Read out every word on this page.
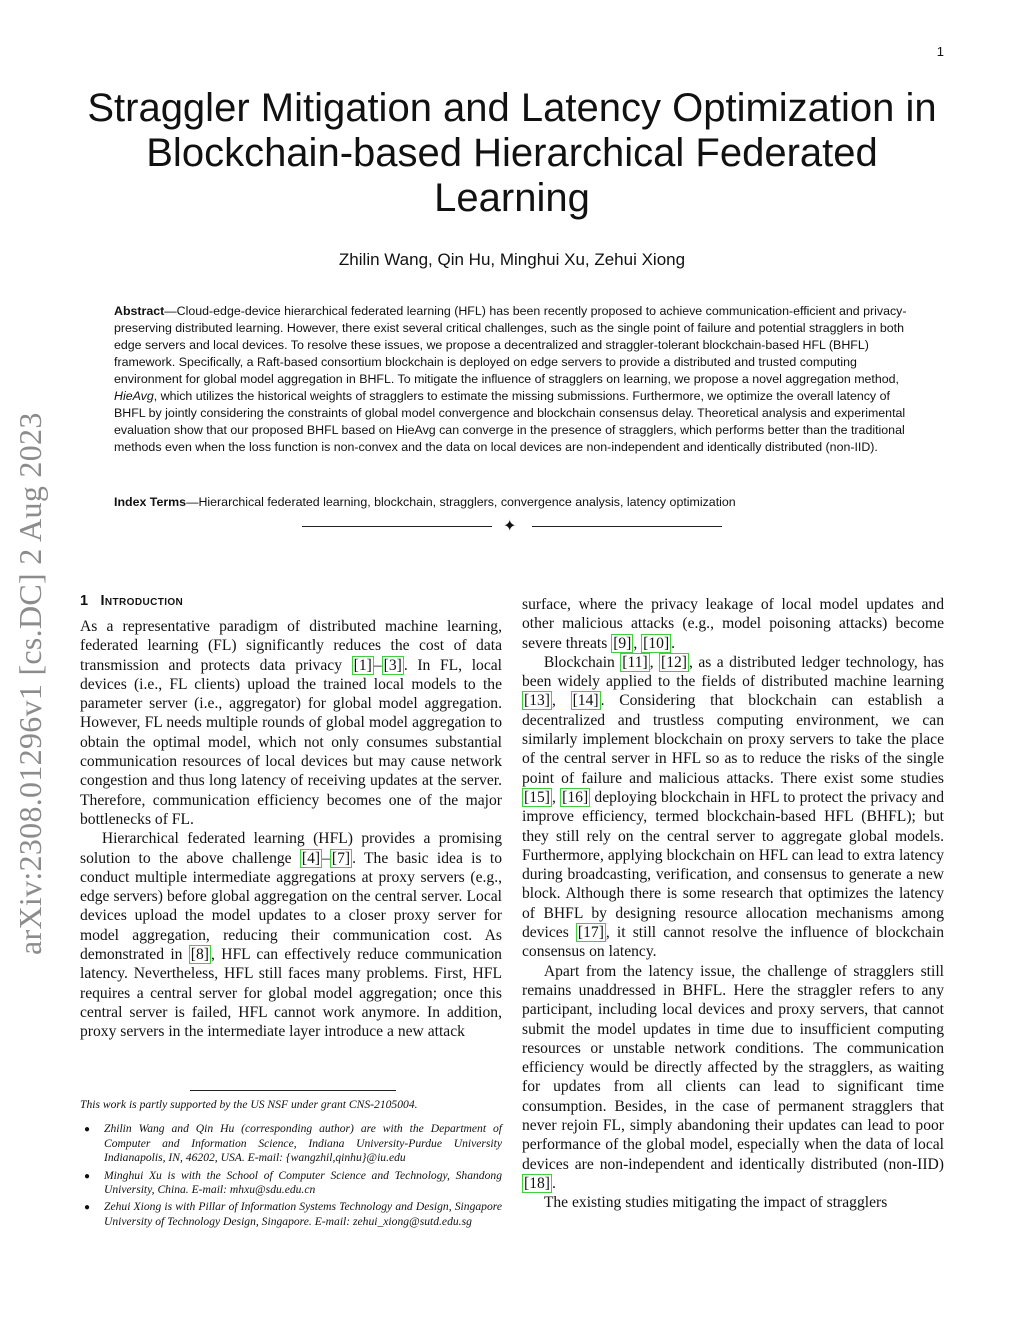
1
arXiv:2308.01296v1 [cs.DC] 2 Aug 2023
Straggler Mitigation and Latency Optimization in
Blockchain-based Hierarchical Federated
Learning
Zhilin Wang, Qin Hu, Minghui Xu, Zehui Xiong

Abstract—Cloud-edge-device hierarchical federated learning (HFL) has been recently proposed to achieve communication-efficient and privacy-preserving distributed learning. However, there exist several critical challenges, such as the single point of failure and potential stragglers in both edge servers and local devices. To resolve these issues, we propose a decentralized and straggler-tolerant blockchain-based HFL (BHFL) framework. Specifically, a Raft-based consortium blockchain is deployed on edge servers to provide a distributed and trusted computing environment for global model aggregation in BHFL. To mitigate the influence of stragglers on learning, we propose a novel aggregation method, HieAvg, which utilizes the historical weights of stragglers to estimate the missing submissions. Furthermore, we optimize the overall latency of BHFL by jointly considering the constraints of global model convergence and blockchain consensus delay. Theoretical analysis and experimental evaluation show that our proposed BHFL based on HieAvg can converge in the presence of stragglers, which performs better than the traditional methods even when the loss function is non-convex and the data on local devices are non-independent and identically distributed (non-IID).

Index Terms—Hierarchical federated learning, blockchain, stragglers, convergence analysis, latency optimization

✦
1 Introduction

As a representative paradigm of distributed machine learning, federated learning (FL) significantly reduces the cost of data transmission and protects data privacy [1] – [3] . In FL, local devices (i.e., FL clients) upload the trained local models to the parameter server (i.e., aggregator) for global model aggregation. However, FL needs multiple rounds of global model aggregation to obtain the optimal model, which not only consumes substantial communication resources of local devices but may cause network congestion and thus long latency of receiving updates at the server. Therefore, communication efficiency becomes one of the major bottlenecks of FL.

Hierarchical federated learning (HFL) provides a promising solution to the above challenge [4] – [7] . The basic idea is to conduct multiple intermediate aggregations at proxy servers (e.g., edge servers) before global aggregation on the central server. Local devices upload the model updates to a closer proxy server for model aggregation, reducing their communication cost. As demonstrated in [8] , HFL can effectively reduce communication latency. Nevertheless, HFL still faces many problems. First, HFL requires a central server for global model aggregation; once this central server is failed, HFL cannot work anymore. In addition, proxy servers in the intermediate layer introduce a new attack

This work is partly supported by the US NSF under grant CNS-2105004.

● Zhilin Wang and Qin Hu (corresponding author) are with the Department of Computer and Information Science, Indiana University-Purdue University Indianapolis, IN, 46202, USA. E-mail: {wangzhil,qinhu}@iu.edu
● Minghui Xu is with the School of Computer Science and Technology, Shandong University, China. E-mail: mhxu@sdu.edu.cn
● Zehui Xiong is with Pillar of Information Systems Technology and Design, Singapore University of Technology Design, Singapore. E-mail: zehui_xiong@sutd.edu.sg

surface, where the privacy leakage of local model updates and other malicious attacks (e.g., model poisoning attacks) become severe threats [9] , [10] .

Blockchain [11] , [12] , as a distributed ledger technology, has been widely applied to the fields of distributed machine learning [13] , [14] . Considering that blockchain can establish a decentralized and trustless computing environment, we can similarly implement blockchain on proxy servers to take the place of the central server in HFL so as to reduce the risks of the single point of failure and malicious attacks. There exist some studies [15] , [16] deploying blockchain in HFL to protect the privacy and improve efficiency, termed blockchain-based HFL (BHFL); but they still rely on the central server to aggregate global models. Furthermore, applying blockchain on HFL can lead to extra latency during broadcasting, verification, and consensus to generate a new block. Although there is some research that optimizes the latency of BHFL by designing resource allocation mechanisms among devices [17] , it still cannot resolve the influence of blockchain consensus on latency.

Apart from the latency issue, the challenge of stragglers still remains unaddressed in BHFL. Here the straggler refers to any participant, including local devices and proxy servers, that cannot submit the model updates in time due to insufficient computing resources or unstable network conditions. The communication efficiency would be directly affected by the stragglers, as waiting for updates from all clients can lead to significant time consumption. Besides, in the case of permanent stragglers that never rejoin FL, simply abandoning their updates can lead to poor performance of the global model, especially when the data of local devices are non-independent and identically distributed (non-IID) [18] .

The existing studies mitigating the impact of stragglers
